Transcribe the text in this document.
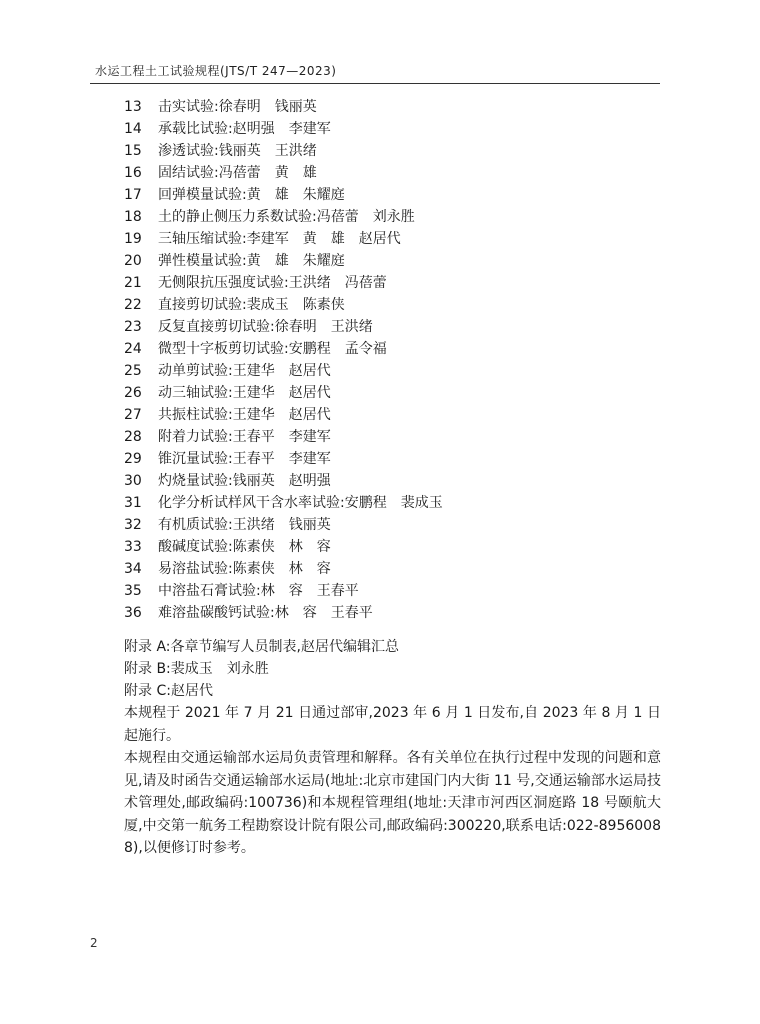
水运工程土工试验规程(JTS/T 247—2023)
13	击实试验:徐春明　钱丽英
14	承载比试验:赵明强　李建军
15	渗透试验:钱丽英　王洪绪
16	固结试验:冯蓓蕾　黄　雄
17	回弹模量试验:黄　雄　朱耀庭
18	土的静止侧压力系数试验:冯蓓蕾　刘永胜
19	三轴压缩试验:李建军　黄　雄　赵居代
20	弹性模量试验:黄　雄　朱耀庭
21	无侧限抗压强度试验:王洪绪　冯蓓蕾
22	直接剪切试验:裴成玉　陈素侠
23	反复直接剪切试验:徐春明　王洪绪
24	微型十字板剪切试验:安鹏程　孟令福
25	动单剪试验:王建华　赵居代
26	动三轴试验:王建华　赵居代
27	共振柱试验:王建华　赵居代
28	附着力试验:王春平　李建军
29	锥沉量试验:王春平　李建军
30	灼烧量试验:钱丽英　赵明强
31	化学分析试样风干含水率试验:安鹏程　裴成玉
32	有机质试验:王洪绪　钱丽英
33	酸碱度试验:陈素侠　林　容
34	易溶盐试验:陈素侠　林　容
35	中溶盐石膏试验:林　容　王春平
36	难溶盐碳酸钙试验:林　容　王春平
附录 A:各章节编写人员制表,赵居代编辑汇总
附录 B:裴成玉　刘永胜
附录 C:赵居代
本规程于 2021 年 7 月 21 日通过部审,2023 年 6 月 1 日发布,自 2023 年 8 月 1 日起施行。
本规程由交通运输部水运局负责管理和解释。各有关单位在执行过程中发现的问题和意见,请及时函告交通运输部水运局(地址:北京市建国门内大街 11 号,交通运输部水运局技术管理处,邮政编码:100736)和本规程管理组(地址:天津市河西区洞庭路 18 号颐航大厦,中交第一航务工程勘察设计院有限公司,邮政编码:300220,联系电话:022-89560088),以便修订时参考。
2
